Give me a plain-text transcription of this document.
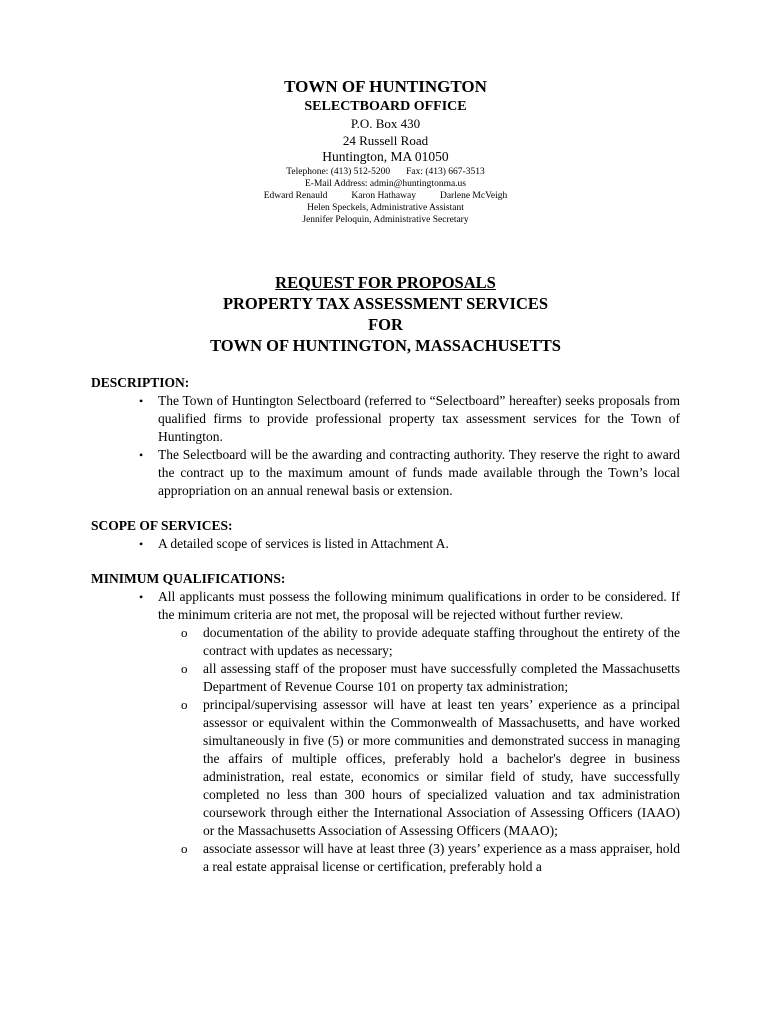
TOWN OF HUNTINGTON
SELECTBOARD OFFICE
P.O. Box 430
24 Russell Road
Huntington, MA 01050
Telephone: (413) 512-5200 Fax: (413) 667-3513
E-Mail Address: admin@huntingtonma.us
Edward Renauld	Karon Hathaway	Darlene McVeigh
Helen Speckels, Administrative Assistant
Jennifer Peloquin, Administrative Secretary
REQUEST FOR PROPOSALS
PROPERTY TAX ASSESSMENT SERVICES
FOR
TOWN OF HUNTINGTON, MASSACHUSETTS
DESCRIPTION:
• The Town of Huntington Selectboard (referred to “Selectboard” hereafter) seeks proposals from qualified firms to provide professional property tax assessment services for the Town of Huntington.
• The Selectboard will be the awarding and contracting authority. They reserve the right to award the contract up to the maximum amount of funds made available through the Town’s local appropriation on an annual renewal basis or extension.
SCOPE OF SERVICES:
• A detailed scope of services is listed in Attachment A.
MINIMUM QUALIFICATIONS:
• All applicants must possess the following minimum qualifications in order to be considered. If the minimum criteria are not met, the proposal will be rejected without further review.
o documentation of the ability to provide adequate staffing throughout the entirety of the contract with updates as necessary;
o all assessing staff of the proposer must have successfully completed the Massachusetts Department of Revenue Course 101 on property tax administration;
o principal/supervising assessor will have at least ten years’ experience as a principal assessor or equivalent within the Commonwealth of Massachusetts, and have worked simultaneously in five (5) or more communities and demonstrated success in managing the affairs of multiple offices, preferably hold a bachelor's degree in business administration, real estate, economics or similar field of study, have successfully completed no less than 300 hours of specialized valuation and tax administration coursework through either the International Association of Assessing Officers (IAAO) or the Massachusetts Association of Assessing Officers (MAAO);
o associate assessor will have at least three (3) years’ experience as a mass appraiser, hold a real estate appraisal license or certification, preferably hold a
